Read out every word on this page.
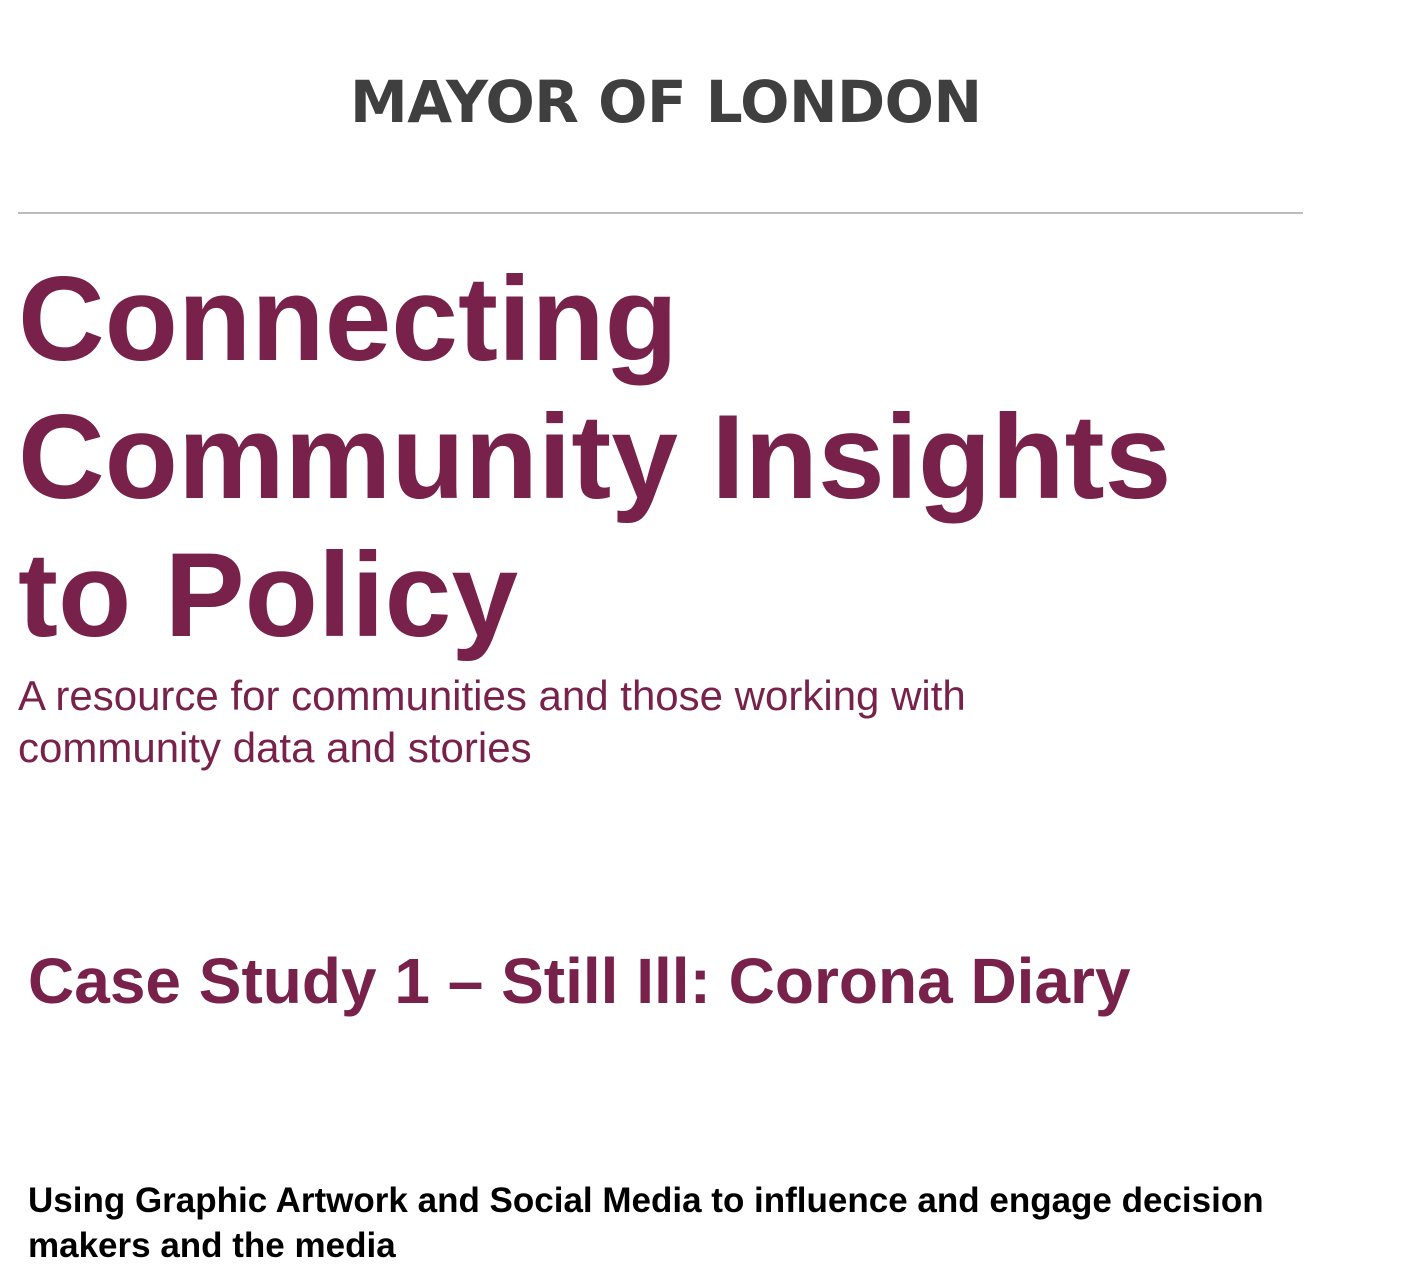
MAYOR OF LONDON
Connecting
Community Insights
to Policy

A resource for communities and those working with
community data and stories

Case Study 1 – Still Ill: Corona Diary

Using Graphic Artwork and Social Media to influence and engage decision
makers and the media
